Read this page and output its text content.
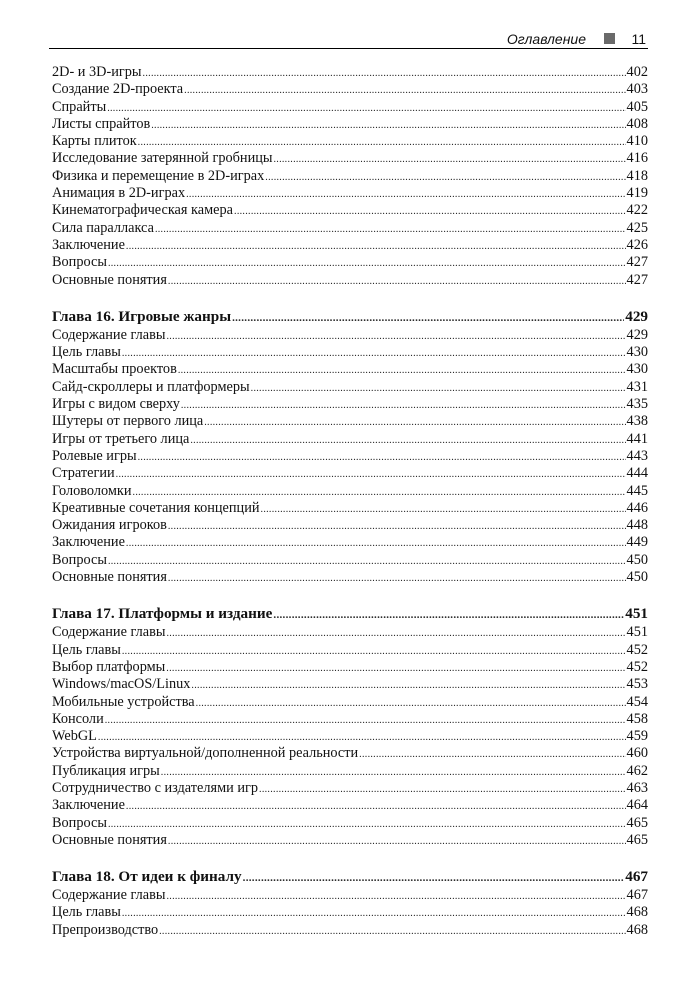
Оглавление	11
2D- и 3D-игры .....	402
Создание 2D-проекта .....	403
Спрайты .....	405
Листы спрайтов .....	408
Карты плиток .....	410
Исследование затерянной гробницы .....	416
Физика и перемещение в 2D-играх .....	418
Анимация в 2D-играх .....	419
Кинематографическая камера .....	422
Сила параллакса .....	425
Заключение .....	426
Вопросы .....	427
Основные понятия .....	427
Глава 16. Игровые жанры .....	429
Содержание главы .....	429
Цель главы .....	430
Масштабы проектов .....	430
Сайд-скроллеры и платформеры .....	431
Игры с видом сверху .....	435
Шутеры от первого лица .....	438
Игры от третьего лица .....	441
Ролевые игры .....	443
Стратегии .....	444
Головоломки .....	445
Креативные сочетания концепций .....	446
Ожидания игроков .....	448
Заключение .....	449
Вопросы .....	450
Основные понятия .....	450
Глава 17. Платформы и издание .....	451
Содержание главы .....	451
Цель главы .....	452
Выбор платформы .....	452
Windows/macOS/Linux .....	453
Мобильные устройства .....	454
Консоли .....	458
WebGL .....	459
Устройства виртуальной/дополненной реальности .....	460
Публикация игры .....	462
Сотрудничество с издателями игр .....	463
Заключение .....	464
Вопросы .....	465
Основные понятия .....	465
Глава 18. От идеи к финалу .....	467
Содержание главы .....	467
Цель главы .....	468
Препроизводство .....	468
